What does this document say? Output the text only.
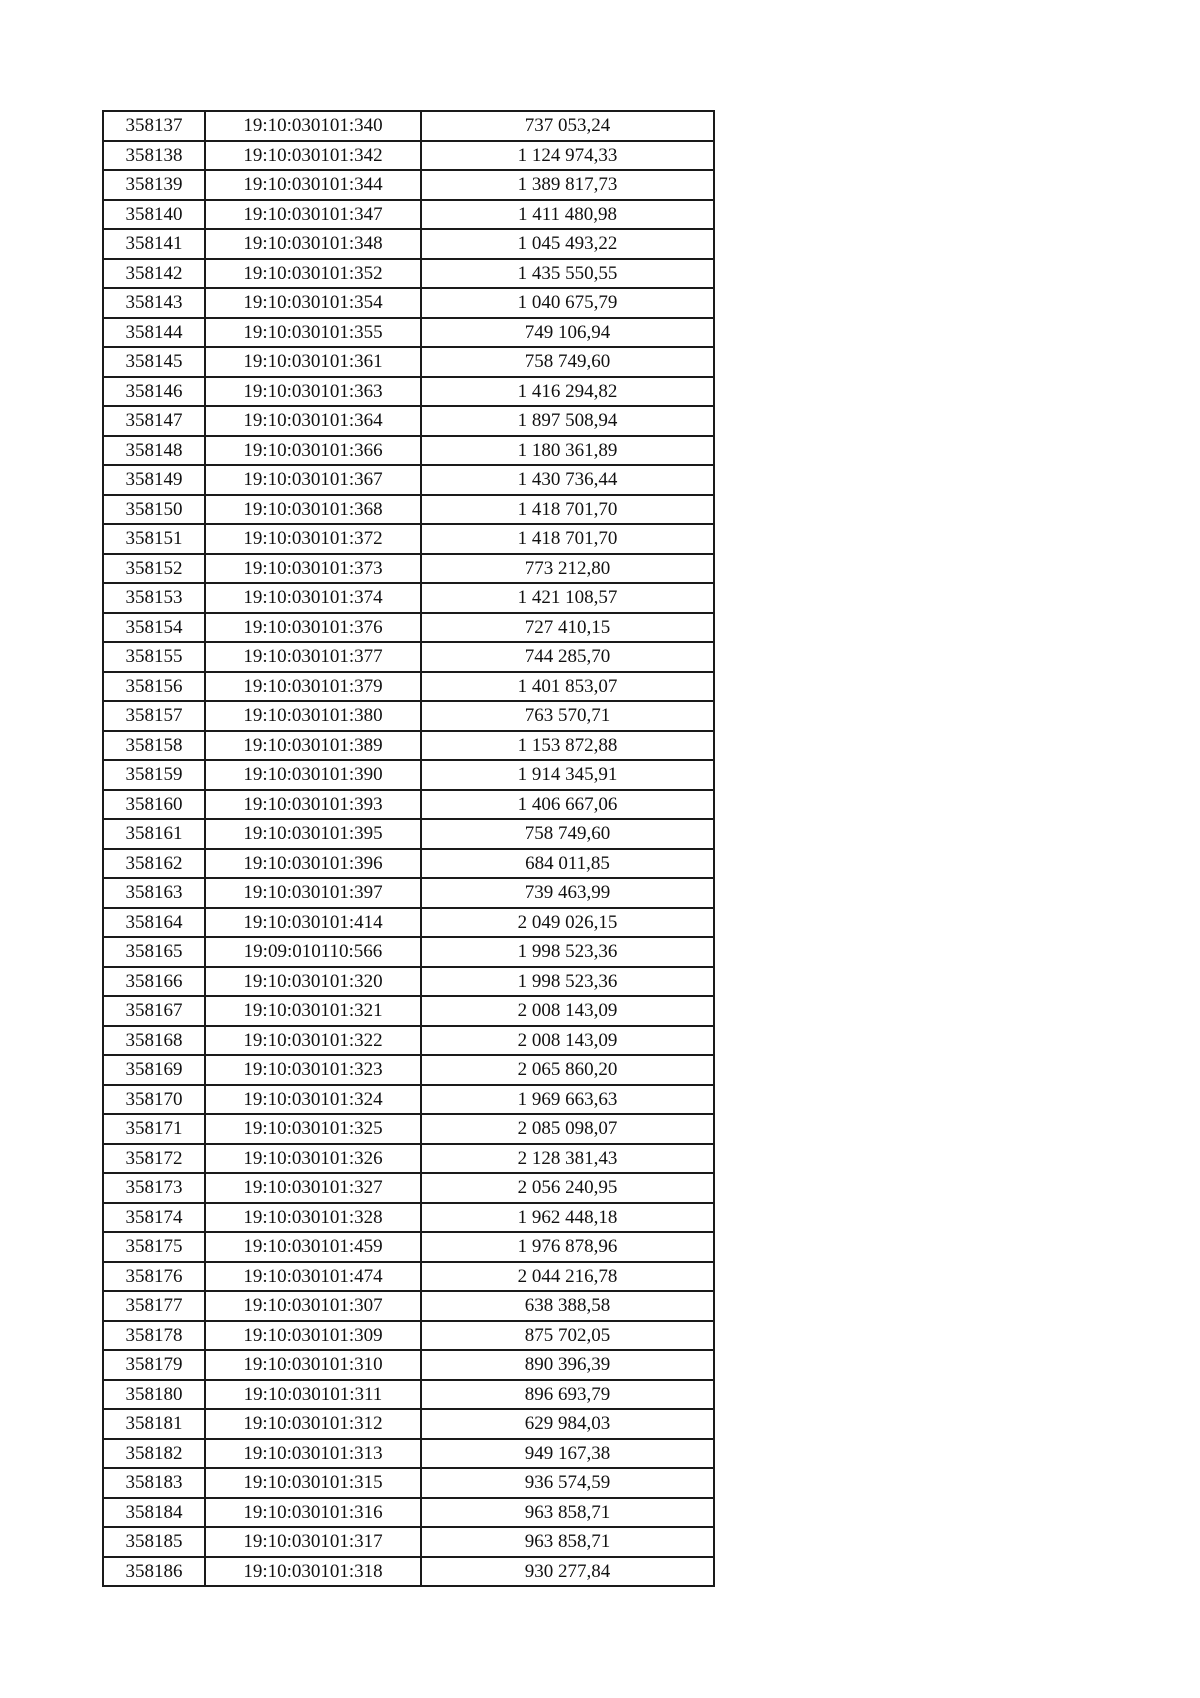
358137	19:10:030101:340	737 053,24
358138	19:10:030101:342	1 124 974,33
358139	19:10:030101:344	1 389 817,73
358140	19:10:030101:347	1 411 480,98
358141	19:10:030101:348	1 045 493,22
358142	19:10:030101:352	1 435 550,55
358143	19:10:030101:354	1 040 675,79
358144	19:10:030101:355	749 106,94
358145	19:10:030101:361	758 749,60
358146	19:10:030101:363	1 416 294,82
358147	19:10:030101:364	1 897 508,94
358148	19:10:030101:366	1 180 361,89
358149	19:10:030101:367	1 430 736,44
358150	19:10:030101:368	1 418 701,70
358151	19:10:030101:372	1 418 701,70
358152	19:10:030101:373	773 212,80
358153	19:10:030101:374	1 421 108,57
358154	19:10:030101:376	727 410,15
358155	19:10:030101:377	744 285,70
358156	19:10:030101:379	1 401 853,07
358157	19:10:030101:380	763 570,71
358158	19:10:030101:389	1 153 872,88
358159	19:10:030101:390	1 914 345,91
358160	19:10:030101:393	1 406 667,06
358161	19:10:030101:395	758 749,60
358162	19:10:030101:396	684 011,85
358163	19:10:030101:397	739 463,99
358164	19:10:030101:414	2 049 026,15
358165	19:09:010110:566	1 998 523,36
358166	19:10:030101:320	1 998 523,36
358167	19:10:030101:321	2 008 143,09
358168	19:10:030101:322	2 008 143,09
358169	19:10:030101:323	2 065 860,20
358170	19:10:030101:324	1 969 663,63
358171	19:10:030101:325	2 085 098,07
358172	19:10:030101:326	2 128 381,43
358173	19:10:030101:327	2 056 240,95
358174	19:10:030101:328	1 962 448,18
358175	19:10:030101:459	1 976 878,96
358176	19:10:030101:474	2 044 216,78
358177	19:10:030101:307	638 388,58
358178	19:10:030101:309	875 702,05
358179	19:10:030101:310	890 396,39
358180	19:10:030101:311	896 693,79
358181	19:10:030101:312	629 984,03
358182	19:10:030101:313	949 167,38
358183	19:10:030101:315	936 574,59
358184	19:10:030101:316	963 858,71
358185	19:10:030101:317	963 858,71
358186	19:10:030101:318	930 277,84
